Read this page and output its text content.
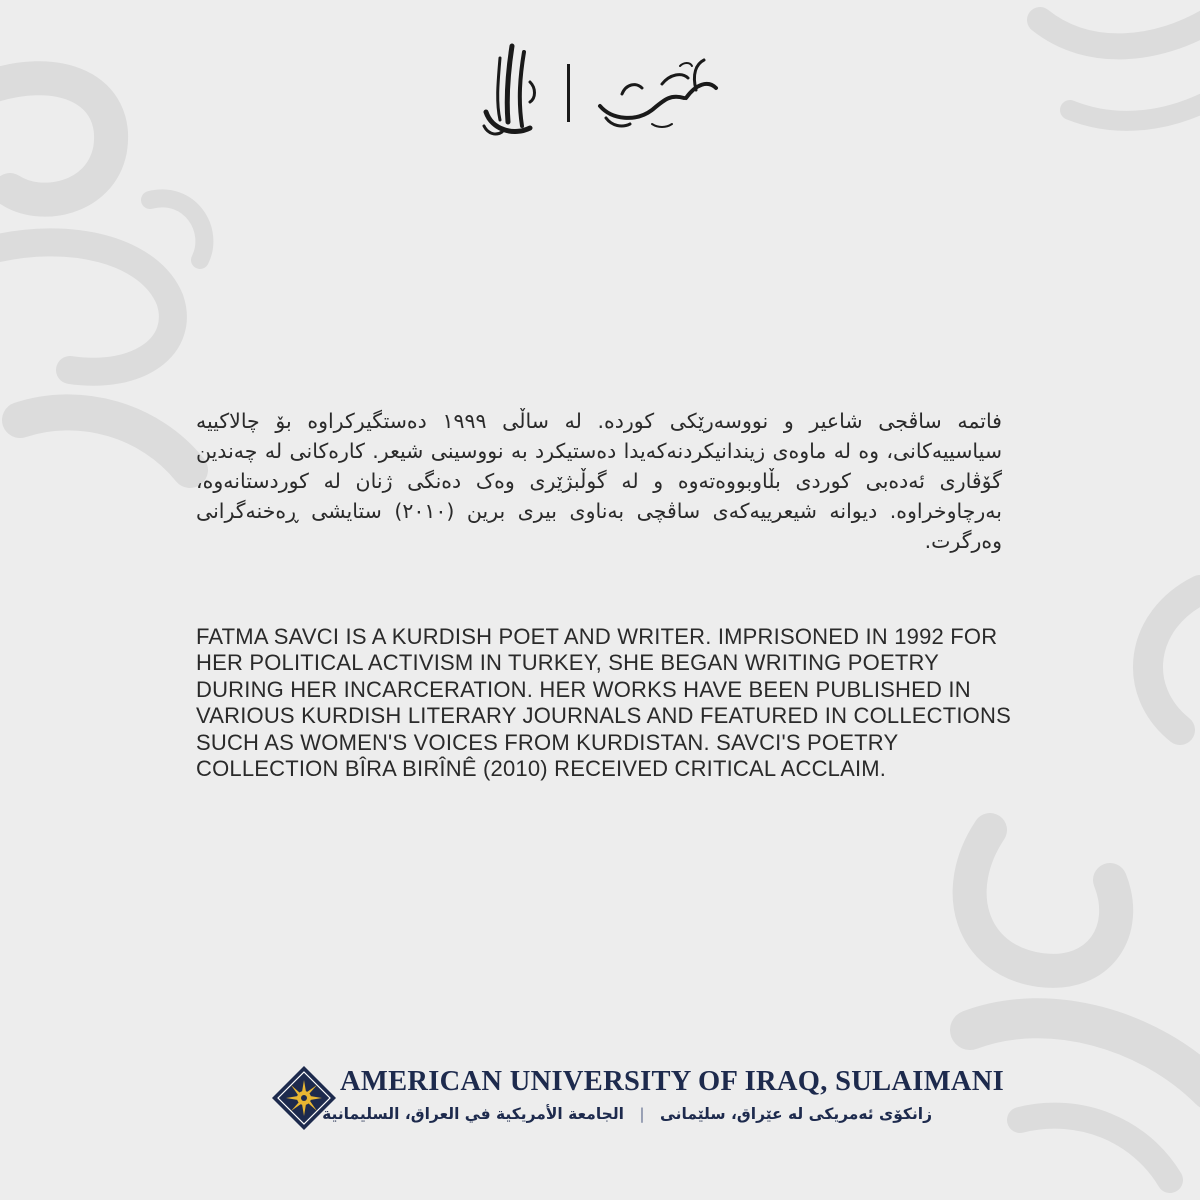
فاتمە ساڤجی شاعیر و نووسەرێکی کوردە. لە ساڵی ١٩٩٩ دەستگیرکراوە بۆ چالاکییە سیاسییەکانی، وە لە ماوەی زیندانیکردنەکەیدا دەستیکرد بە نووسینی شیعر. کارەکانی لە چەندین گۆڤاری ئەدەبی کوردی بڵاوبووەتەوە و لە گوڵبژێری وەک دەنگی ژنان لە کوردستانەوە، بەرچاوخراوە. دیوانە شیعرییەکەی ساڤچی بەناوی بیری برین (٢٠١٠) ستایشی ڕەخنەگرانی وەرگرت.

FATMA SAVCI IS A KURDISH POET AND WRITER. IMPRISONED IN 1992 FOR HER POLITICAL ACTIVISM IN TURKEY, SHE BEGAN WRITING POETRY DURING HER INCARCERATION. HER WORKS HAVE BEEN PUBLISHED IN VARIOUS KURDISH LITERARY JOURNALS AND FEATURED IN COLLECTIONS SUCH AS WOMEN'S VOICES FROM KURDISTAN. SAVCI'S POETRY COLLECTION BÎRA BIRÎNÊ (2010) RECEIVED CRITICAL ACCLAIM.

AMERICAN UNIVERSITY OF IRAQ, SULAIMANI
زانکۆی ئەمریکی لە عێراق، سلێمانی | الجامعة الأمريكية في العراق، السليمانية
